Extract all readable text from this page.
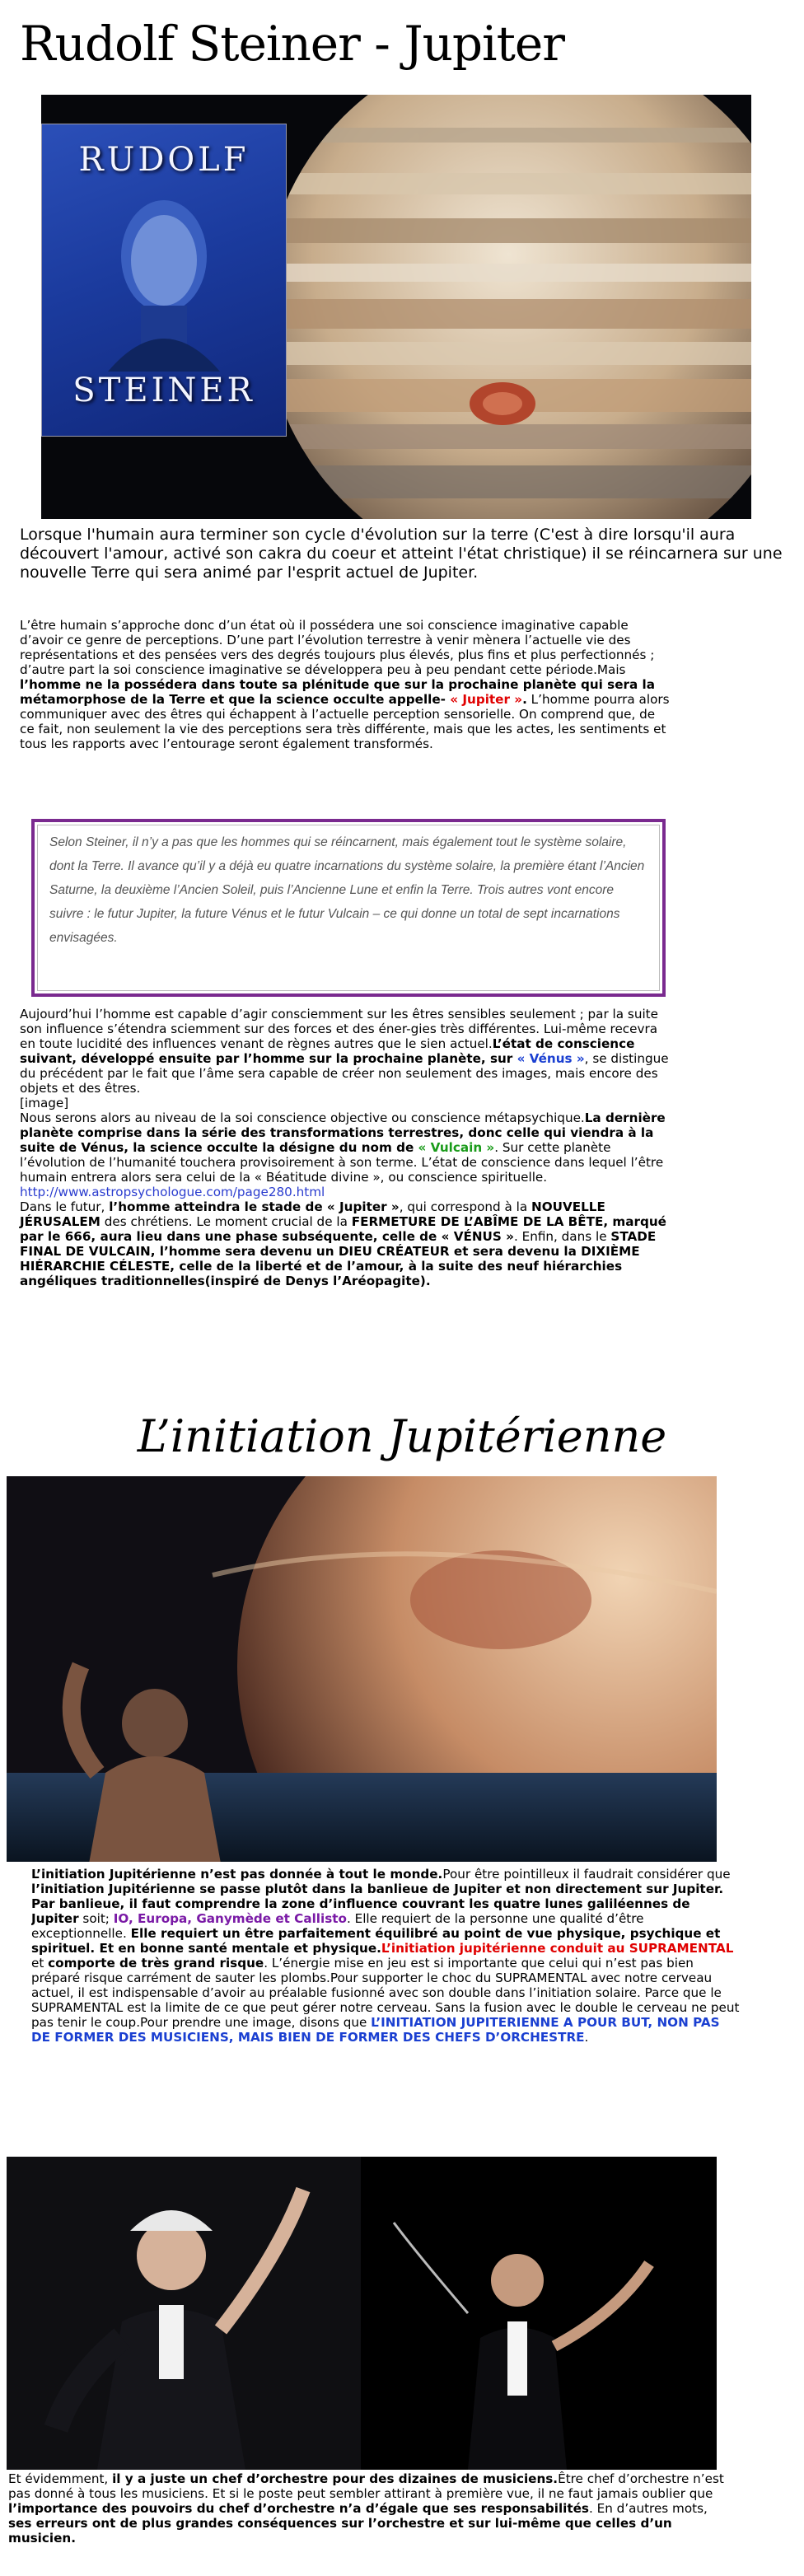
Rudolf Steiner - Jupiter
RUDOLF
STEINER
Lorsque l'humain aura terminer son cycle d'évolution sur la terre (C'est à dire lorsqu'il aura découvert l'amour, activé son cakra du coeur et atteint l'état christique) il se réincarnera sur une nouvelle Terre qui sera animé par l'esprit actuel de Jupiter.
L’être humain s’approche donc d’un état où il possédera une soi conscience imaginative capable d’avoir ce genre de perceptions. D’une part l’évolution terrestre à venir mènera l’actuelle vie des représentations et des pensées vers des degrés toujours plus élevés, plus fins et plus perfectionnés ; d’autre part la soi conscience imaginative se développera peu à peu pendant cette période.Mais l’homme ne la possédera dans toute sa plénitude que sur la prochaine planète qui sera la métamorphose de la Terre et que la science occulte appelle- « Jupiter ». L’homme pourra alors communiquer avec des êtres qui échappent à l’actuelle perception sensorielle. On comprend que, de ce fait, non seulement la vie des perceptions sera très différente, mais que les actes, les sentiments et tous les rapports avec l’entourage seront également transformés.
Selon Steiner, il n’y a pas que les hommes qui se réincarnent, mais également tout le système solaire, dont la Terre. Il avance qu’il y a déjà eu quatre incarnations du système solaire, la première étant l’Ancien Saturne, la deuxième l’Ancien Soleil, puis l’Ancienne Lune et enfin la Terre. Trois autres vont encore suivre : le futur Jupiter, la future Vénus et le futur Vulcain – ce qui donne un total de sept incarnations envisagées.
Aujourd’hui l’homme est capable d’agir consciemment sur les êtres sensibles seulement ; par la suite son influence s’étendra sciemment sur des forces et des éner-gies très différentes. Lui-même recevra en toute lucidité des influences venant de règnes autres que le sien actuel.L’état de conscience suivant, développé ensuite par l’homme sur la prochaine planète, sur « Vénus », se distingue du précédent par le fait que l’âme sera capable de créer non seulement des images, mais encore des objets et des êtres.
[image]
Nous serons alors au niveau de la soi conscience objective ou conscience métapsychique.La dernière planète comprise dans la série des transformations terrestres, donc celle qui viendra à la suite de Vénus, la science occulte la désigne du nom de « Vulcain ». Sur cette planète l’évolution de l’humanité touchera provisoirement à son terme. L’état de conscience dans lequel l’être humain entrera alors sera celui de la « Béatitude divine », ou conscience spirituelle.
http://www.astropsychologue.com/page280.html
Dans le futur, l’homme atteindra le stade de « Jupiter », qui correspond à la NOUVELLE JÉRUSALEM des chrétiens. Le moment crucial de la FERMETURE DE L’ABÎME DE LA BÊTE, marqué par le 666, aura lieu dans une phase subséquente, celle de « VÉNUS ». Enfin, dans le STADE FINAL DE VULCAIN, l’homme sera devenu un DIEU CRÉATEUR et sera devenu la DIXIÈME HIÉRARCHIE CÉLESTE, celle de la liberté et de l’amour, à la suite des neuf hiérarchies angéliques traditionnelles(inspiré de Denys l’Aréopagite).
L’initiation Jupitérienne
L’initiation Jupitérienne n’est pas donnée à tout le monde.Pour être pointilleux il faudrait considérer que l’initiation Jupitérienne se passe plutôt dans la banlieue de Jupiter et non directement sur Jupiter. Par banlieue, il faut comprendre la zone d’influence couvrant les quatre lunes galiléennes de Jupiter soit; IO, Europa, Ganymède et Callisto. Elle requiert de la personne une qualité d’être exceptionnelle. Elle requiert un être parfaitement équilibré au point de vue physique, psychique et spirituel. Et en bonne santé mentale et physique.L’initiation jupitérienne conduit au SUPRAMENTAL et comporte de très grand risque. L’énergie mise en jeu est si importante que celui qui n’est pas bien préparé risque carrément de sauter les plombs.Pour supporter le choc du SUPRAMENTAL avec notre cerveau actuel, il est indispensable d’avoir au préalable fusionné avec son double dans l’initiation solaire. Parce que le SUPRAMENTAL est la limite de ce que peut gérer notre cerveau. Sans la fusion avec le double le cerveau ne peut pas tenir le coup.Pour prendre une image, disons que L’INITIATION JUPITERIENNE A POUR BUT, NON PAS DE FORMER DES MUSICIENS, MAIS BIEN DE FORMER DES CHEFS D’ORCHESTRE.
Et évidemment, il y a juste un chef d’orchestre pour des dizaines de musiciens.Être chef d’orchestre n’est pas donné à tous les musiciens. Et si le poste peut sembler attirant à première vue, il ne faut jamais oublier que l’importance des pouvoirs du chef d’orchestre n’a d’égale que ses responsabilités. En d’autres mots, ses erreurs ont de plus grandes conséquences sur l’orchestre et sur lui-même que celles d’un musicien.
